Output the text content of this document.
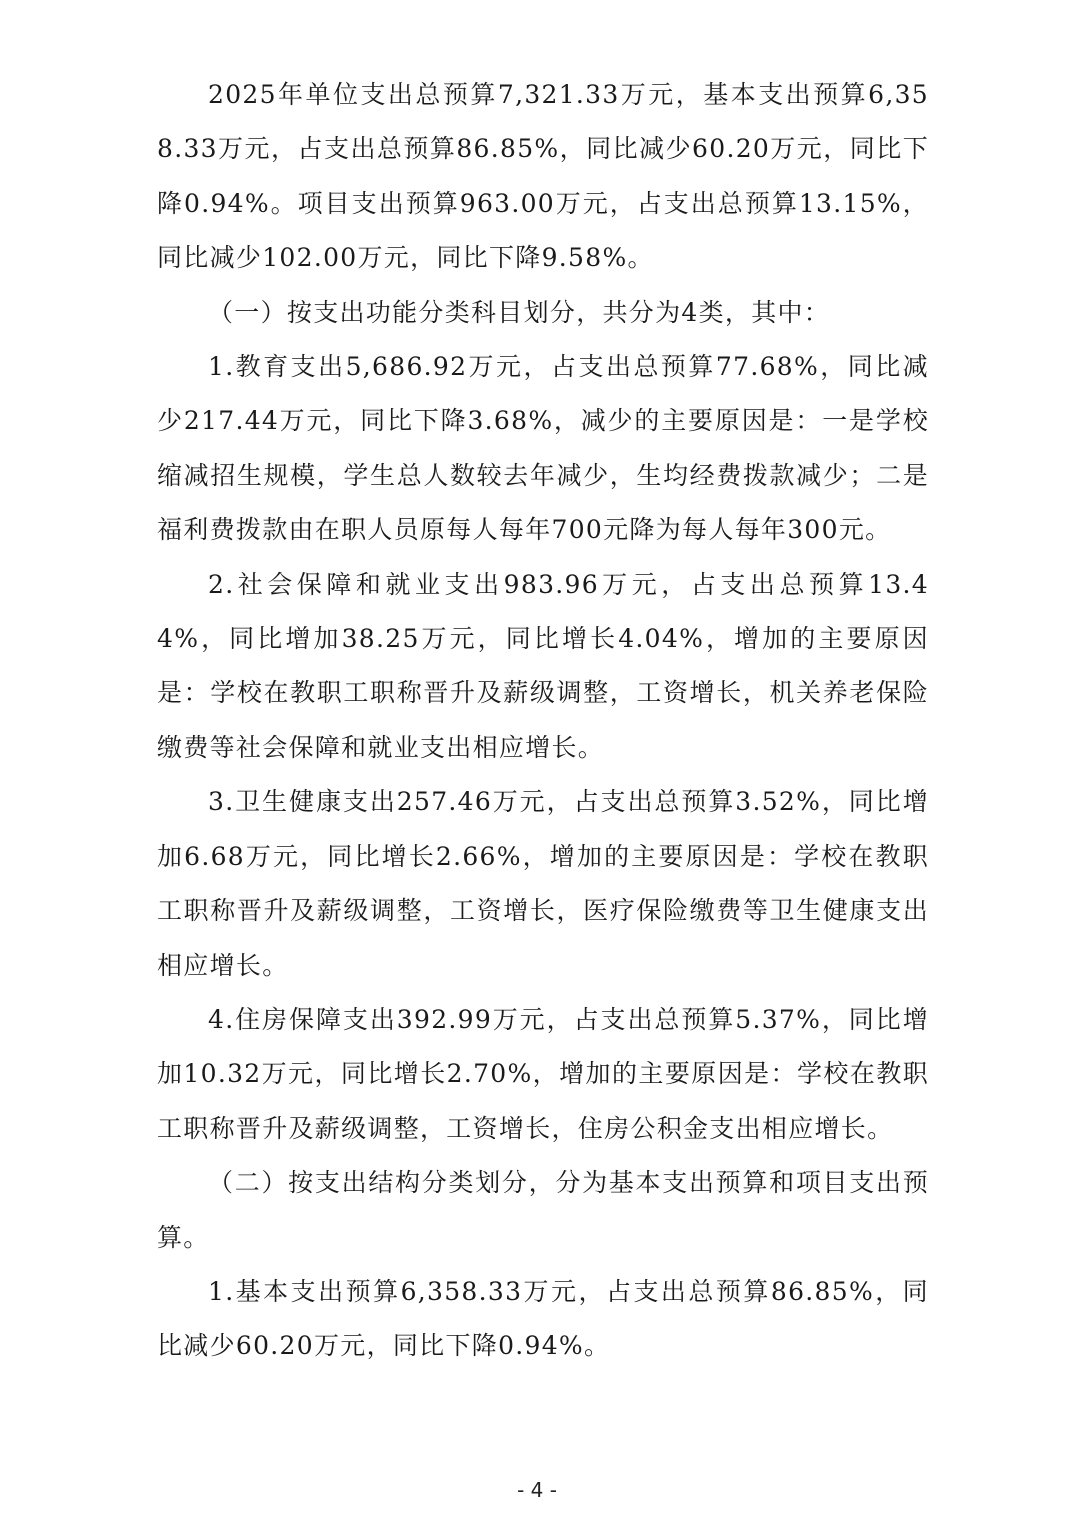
2025年单位支出总预算7,321.33万元，基本支出预算6,358.33万元，占支出总预算86.85%，同比减少60.20万元，同比下降0.94%。项目支出预算963.00万元，占支出总预算13.15%，同比减少102.00万元，同比下降9.58%。

（一）按支出功能分类科目划分，共分为4类，其中：

1.教育支出5,686.92万元，占支出总预算77.68%，同比减少217.44万元，同比下降3.68%，减少的主要原因是：一是学校缩减招生规模，学生总人数较去年减少，生均经费拨款减少；二是福利费拨款由在职人员原每人每年700元降为每人每年300元。

2.社会保障和就业支出983.96万元，占支出总预算13.44%，同比增加38.25万元，同比增长4.04%，增加的主要原因是：学校在教职工职称晋升及薪级调整，工资增长，机关养老保险缴费等社会保障和就业支出相应增长。

3.卫生健康支出257.46万元，占支出总预算3.52%，同比增加6.68万元，同比增长2.66%，增加的主要原因是：学校在教职工职称晋升及薪级调整，工资增长，医疗保险缴费等卫生健康支出相应增长。

4.住房保障支出392.99万元，占支出总预算5.37%，同比增加10.32万元，同比增长2.70%，增加的主要原因是：学校在教职工职称晋升及薪级调整，工资增长，住房公积金支出相应增长。

（二）按支出结构分类划分，分为基本支出预算和项目支出预算。

1.基本支出预算6,358.33万元，占支出总预算86.85%，同比减少60.20万元，同比下降0.94%。

- 4 -
